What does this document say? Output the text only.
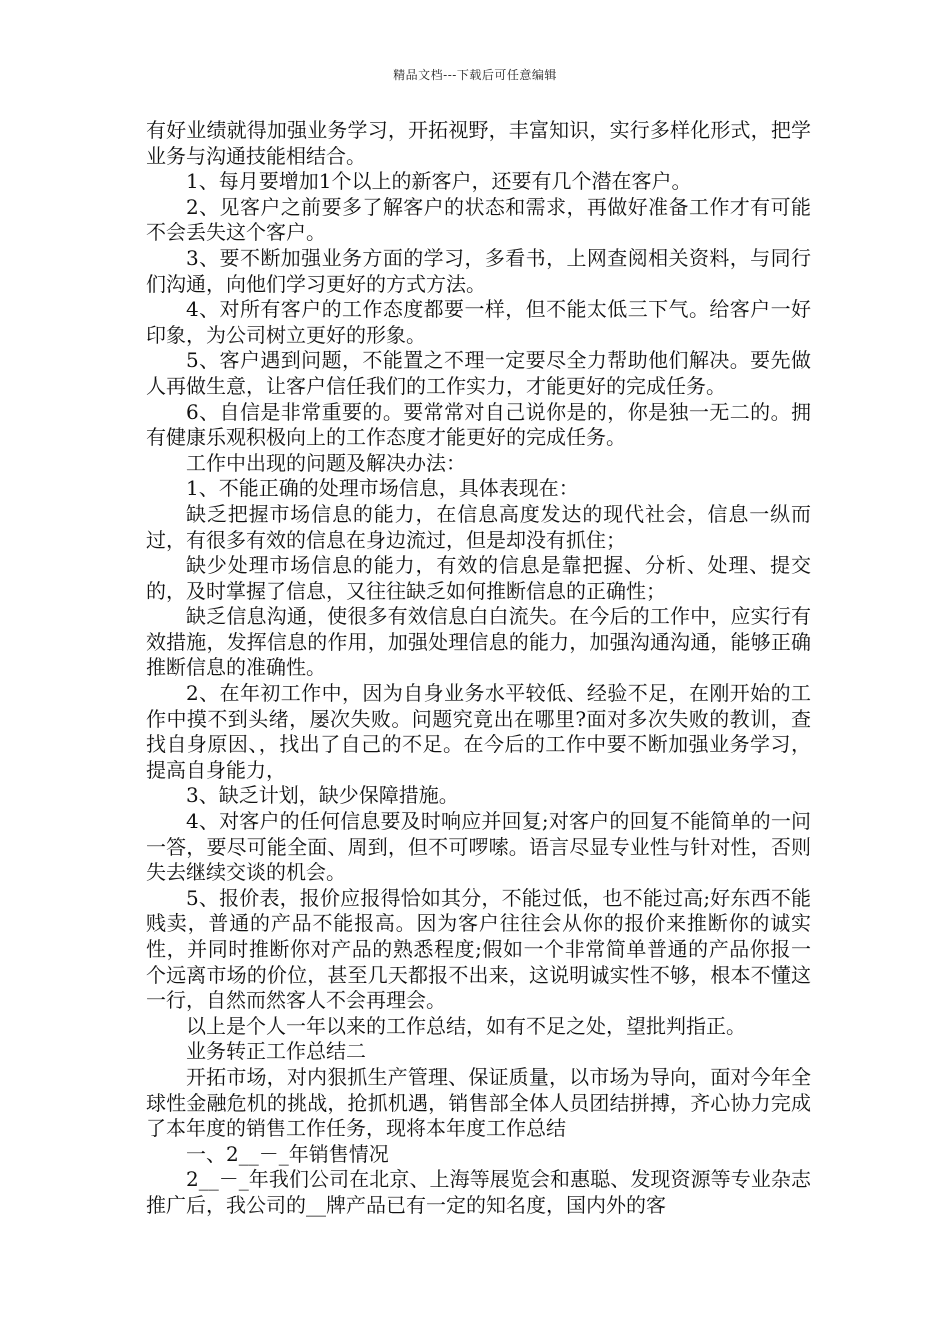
精品文档---下载后可任意编辑

有好业绩就得加强业务学习，开拓视野，丰富知识，实行多样化形式，把学业务与沟通技能相结合。

1、每月要增加1个以上的新客户，还要有几个潜在客户。

2、见客户之前要多了解客户的状态和需求，再做好准备工作才有可能不会丢失这个客户。

3、要不断加强业务方面的学习，多看书，上网查阅相关资料，与同行们沟通，向他们学习更好的方式方法。

4、对所有客户的工作态度都要一样，但不能太低三下气。给客户一好印象，为公司树立更好的形象。

5、客户遇到问题，不能置之不理一定要尽全力帮助他们解决。要先做人再做生意，让客户信任我们的工作实力，才能更好的完成任务。

6、自信是非常重要的。要常常对自己说你是的，你是独一无二的。拥有健康乐观积极向上的工作态度才能更好的完成任务。

工作中出现的问题及解决办法：

1、不能正确的处理市场信息，具体表现在：

缺乏把握市场信息的能力，在信息高度发达的现代社会，信息一纵而过，有很多有效的信息在身边流过，但是却没有抓住；

缺少处理市场信息的能力，有效的信息是靠把握、分析、处理、提交的，及时掌握了信息，又往往缺乏如何推断信息的正确性；

缺乏信息沟通，使很多有效信息白白流失。在今后的工作中，应实行有效措施，发挥信息的作用，加强处理信息的能力，加强沟通沟通，能够正确推断信息的准确性。

2、在年初工作中，因为自身业务水平较低、经验不足，在刚开始的工作中摸不到头绪，屡次失败。问题究竟出在哪里?面对多次失败的教训，查找自身原因、，找出了自己的不足。在今后的工作中要不断加强业务学习，提高自身能力，

3、缺乏计划，缺少保障措施。

4、对客户的任何信息要及时响应并回复;对客户的回复不能简单的一问一答，要尽可能全面、周到，但不可啰嗦。语言尽显专业性与针对性，否则失去继续交谈的机会。

5、报价表，报价应报得恰如其分，不能过低，也不能过高;好东西不能贱卖，普通的产品不能报高。因为客户往往会从你的报价来推断你的诚实性，并同时推断你对产品的熟悉程度;假如一个非常简单普通的产品你报一个远离市场的价位，甚至几天都报不出来，这说明诚实性不够，根本不懂这一行，自然而然客人不会再理会。

以上是个人一年以来的工作总结，如有不足之处，望批判指正。

业务转正工作总结二

开拓市场，对内狠抓生产管理、保证质量，以市场为导向，面对今年全球性金融危机的挑战，抢抓机遇，销售部全体人员团结拼搏，齐心协力完成了本年度的销售工作任务，现将本年度工作总结

一、2__－_年销售情况

2__－_年我们公司在北京、上海等展览会和惠聪、发现资源等专业杂志推广后，我公司的__牌产品已有一定的知名度，国内外的客
